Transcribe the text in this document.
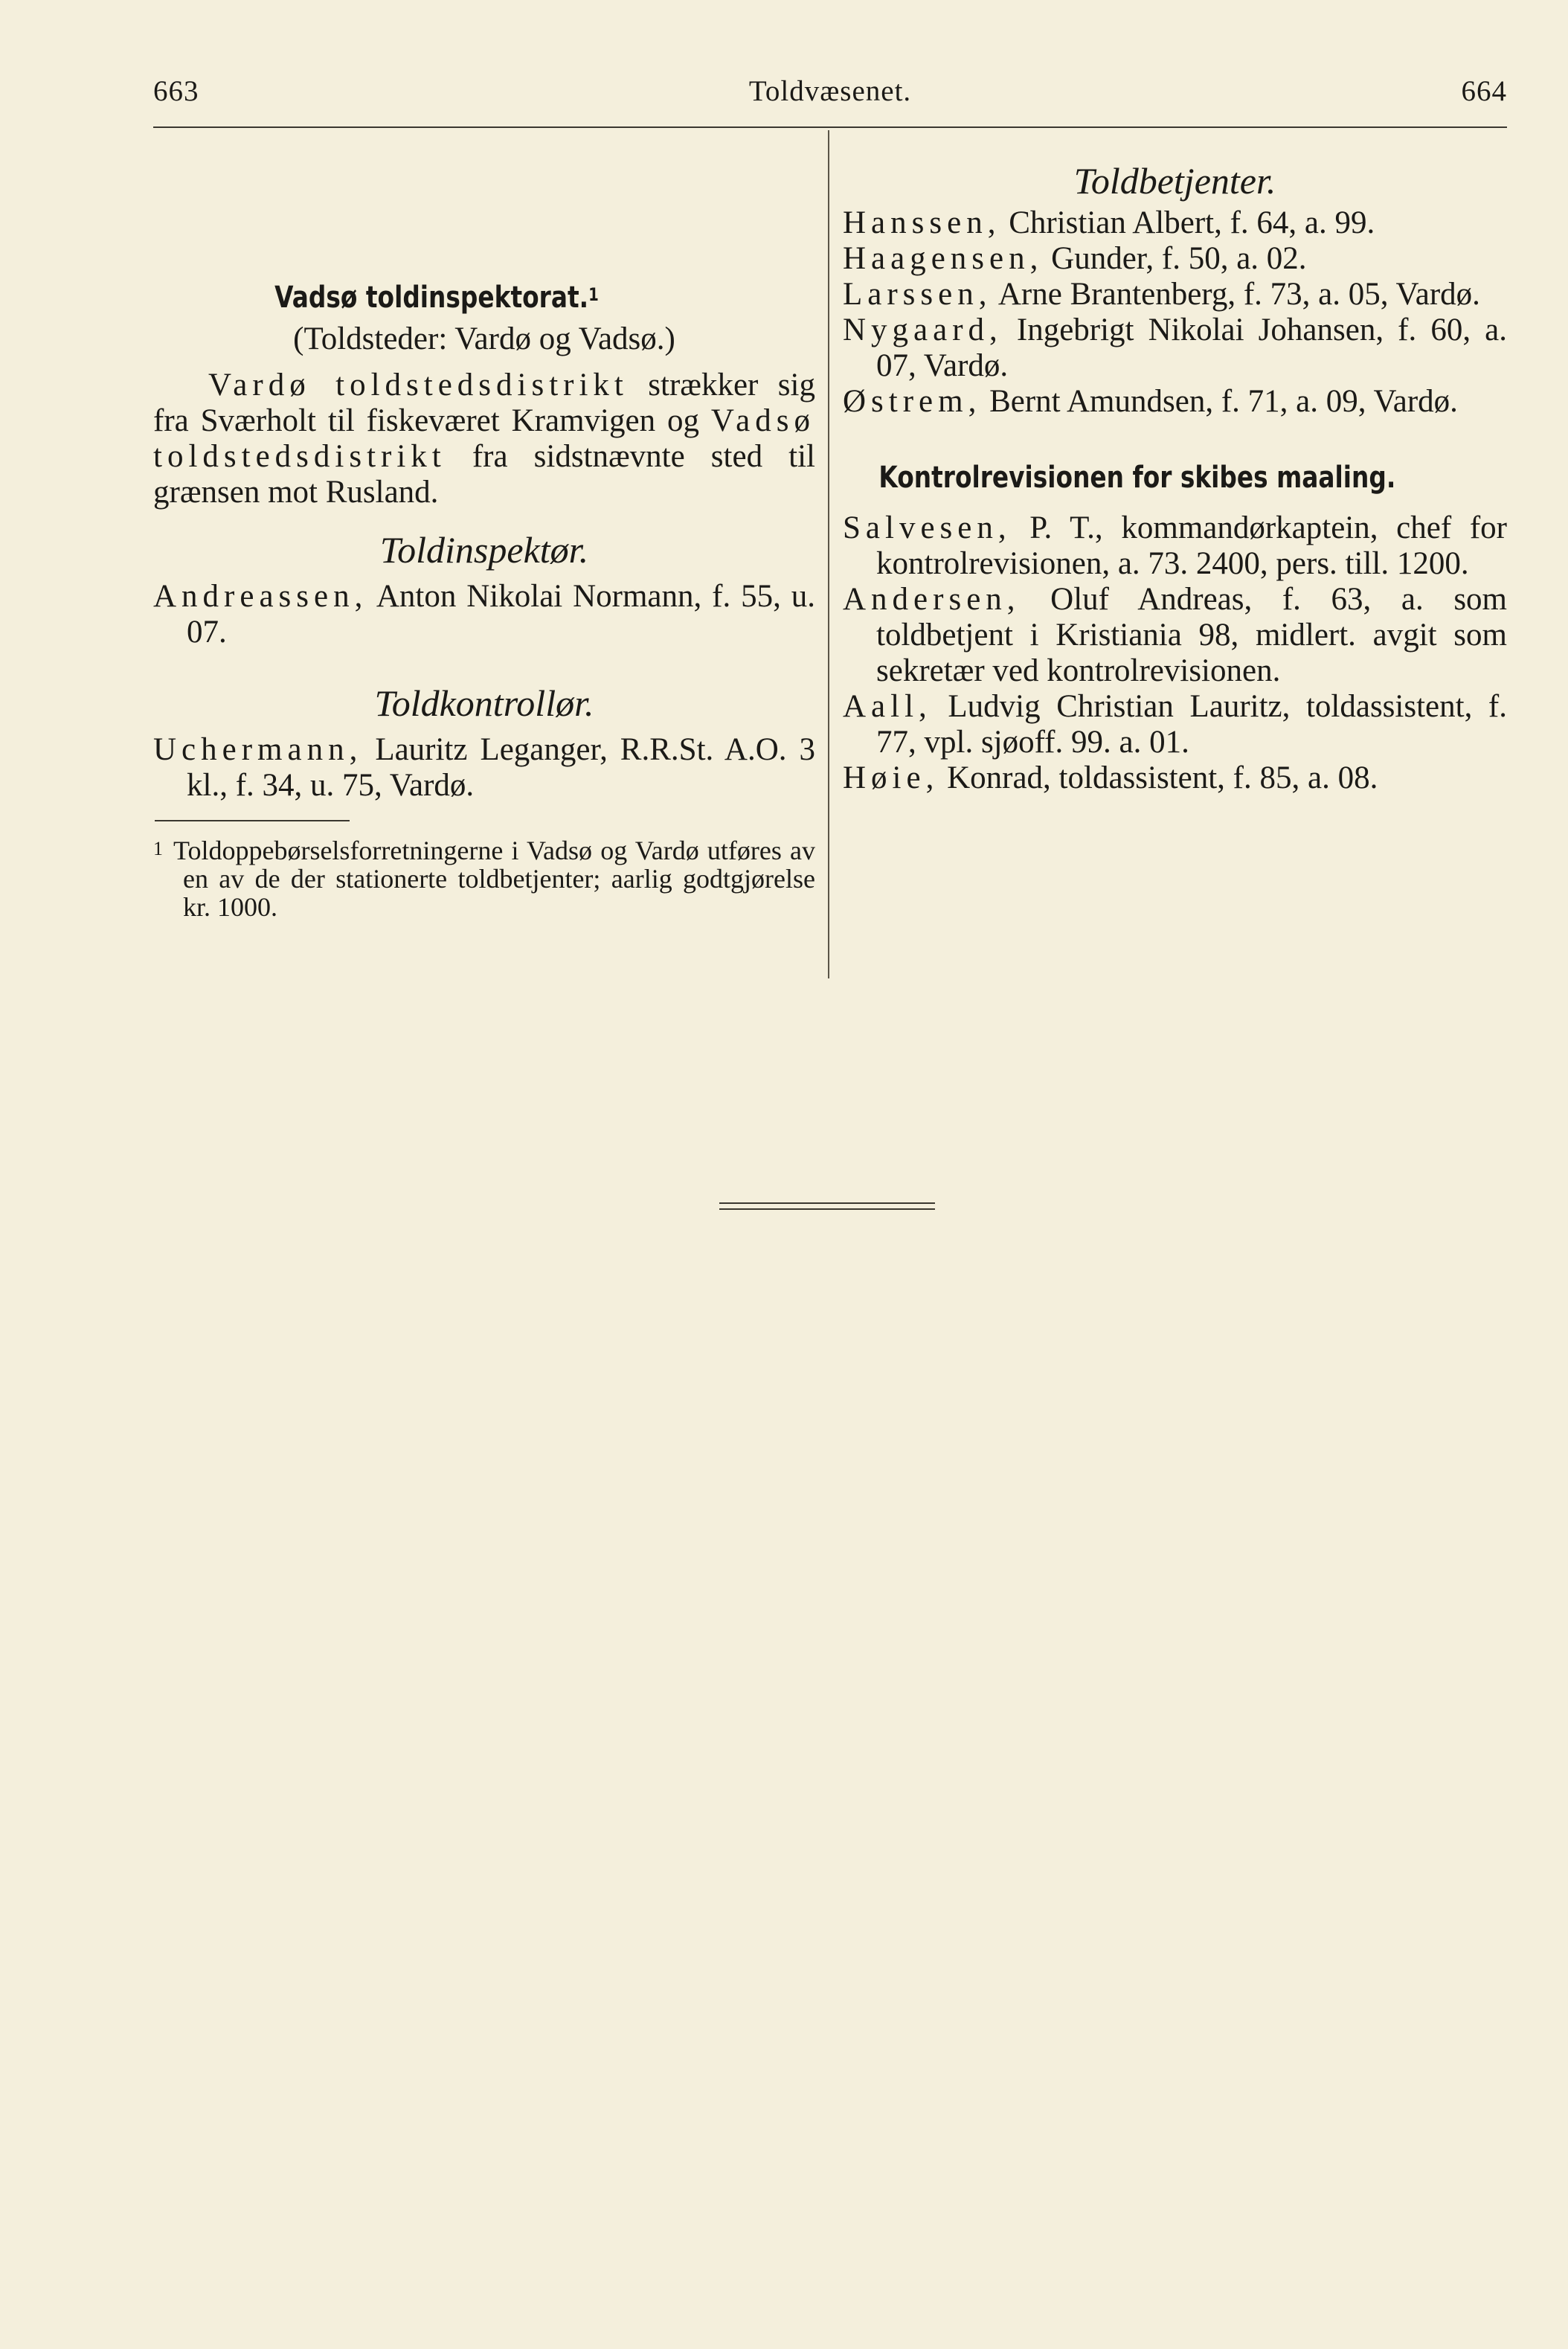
663	Toldvæsenet.	664
Vadsø toldinspektorat.$^1$
(Toldsteder: Vardø og Vadsø.)
Vardø toldstedsdistrikt strækker sig fra Sværholt til fiskeværet Kramvigen og Vadsø toldstedsdistrikt fra sidstnævnte sted til grænsen mot Rusland.
Toldinspektør.
Andreassen, Anton Nikolai Normann, f. 55, u. 07.
Toldkontrollør.
Uchermann, Lauritz Leganger, R.R.St. A.O. 3 kl., f. 34, u. 75, Vardø.
$^1$ Toldoppebørselsforretningerne i Vadsø og Vardø utføres av en av de der stationerte toldbetjenter; aarlig godtgjørelse kr. 1000.
Toldbetjenter.
Hanssen, Christian Albert, f. 64, a. 99.
Haagensen, Gunder, f. 50, a. 02.
Larssen, Arne Brantenberg, f. 73, a. 05, Vardø.
Nygaard, Ingebrigt Nikolai Johansen, f. 60, a. 07, Vardø.
Østrem, Bernt Amundsen, f. 71, a. 09, Vardø.
Kontrolrevisionen for skibes maaling.
Salvesen, P. T., kommandørkaptein, chef for kontrolrevisionen, a. 73. 2400, pers. till. 1200.
Andersen, Oluf Andreas, f. 63, a. som toldbetjent i Kristiania 98, midlert. avgit som sekretær ved kontrolrevisionen.
Aall, Ludvig Christian Lauritz, toldassistent, f. 77, vpl. sjøoff. 99. a. 01.
Høie, Konrad, toldassistent, f. 85, a. 08.
